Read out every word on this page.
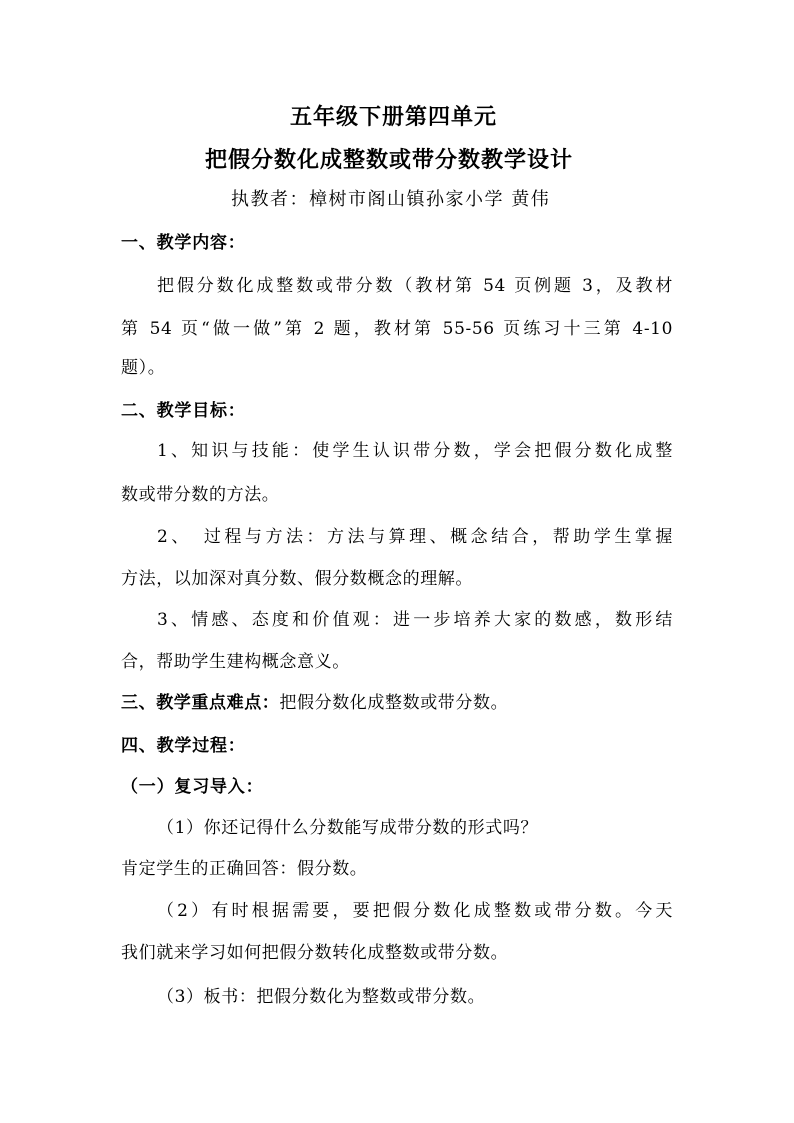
五年级下册第四单元
把假分数化成整数或带分数教学设计
执教者：樟树市阁山镇孙家小学 黄伟
一、教学内容：
把假分数化成整数或带分数（教材第 54 页例题 3，及教材
第 54 页“做一做”第 2 题，教材第 55-56 页练习十三第 4-10
题）。
二、教学目标：
1、知识与技能：使学生认识带分数，学会把假分数化成整
数或带分数的方法。
2、　过程与方法：方法与算理、概念结合，帮助学生掌握
方法，以加深对真分数、假分数概念的理解。
3、情感、态度和价值观：进一步培养大家的数感，数形结
合，帮助学生建构概念意义。
三、教学重点难点：把假分数化成整数或带分数。
四、教学过程：
（一）复习导入：
（1）你还记得什么分数能写成带分数的形式吗？
肯定学生的正确回答：假分数。
（2）有时根据需要，要把假分数化成整数或带分数。今天
我们就来学习如何把假分数转化成整数或带分数。
（3）板书：把假分数化为整数或带分数。
